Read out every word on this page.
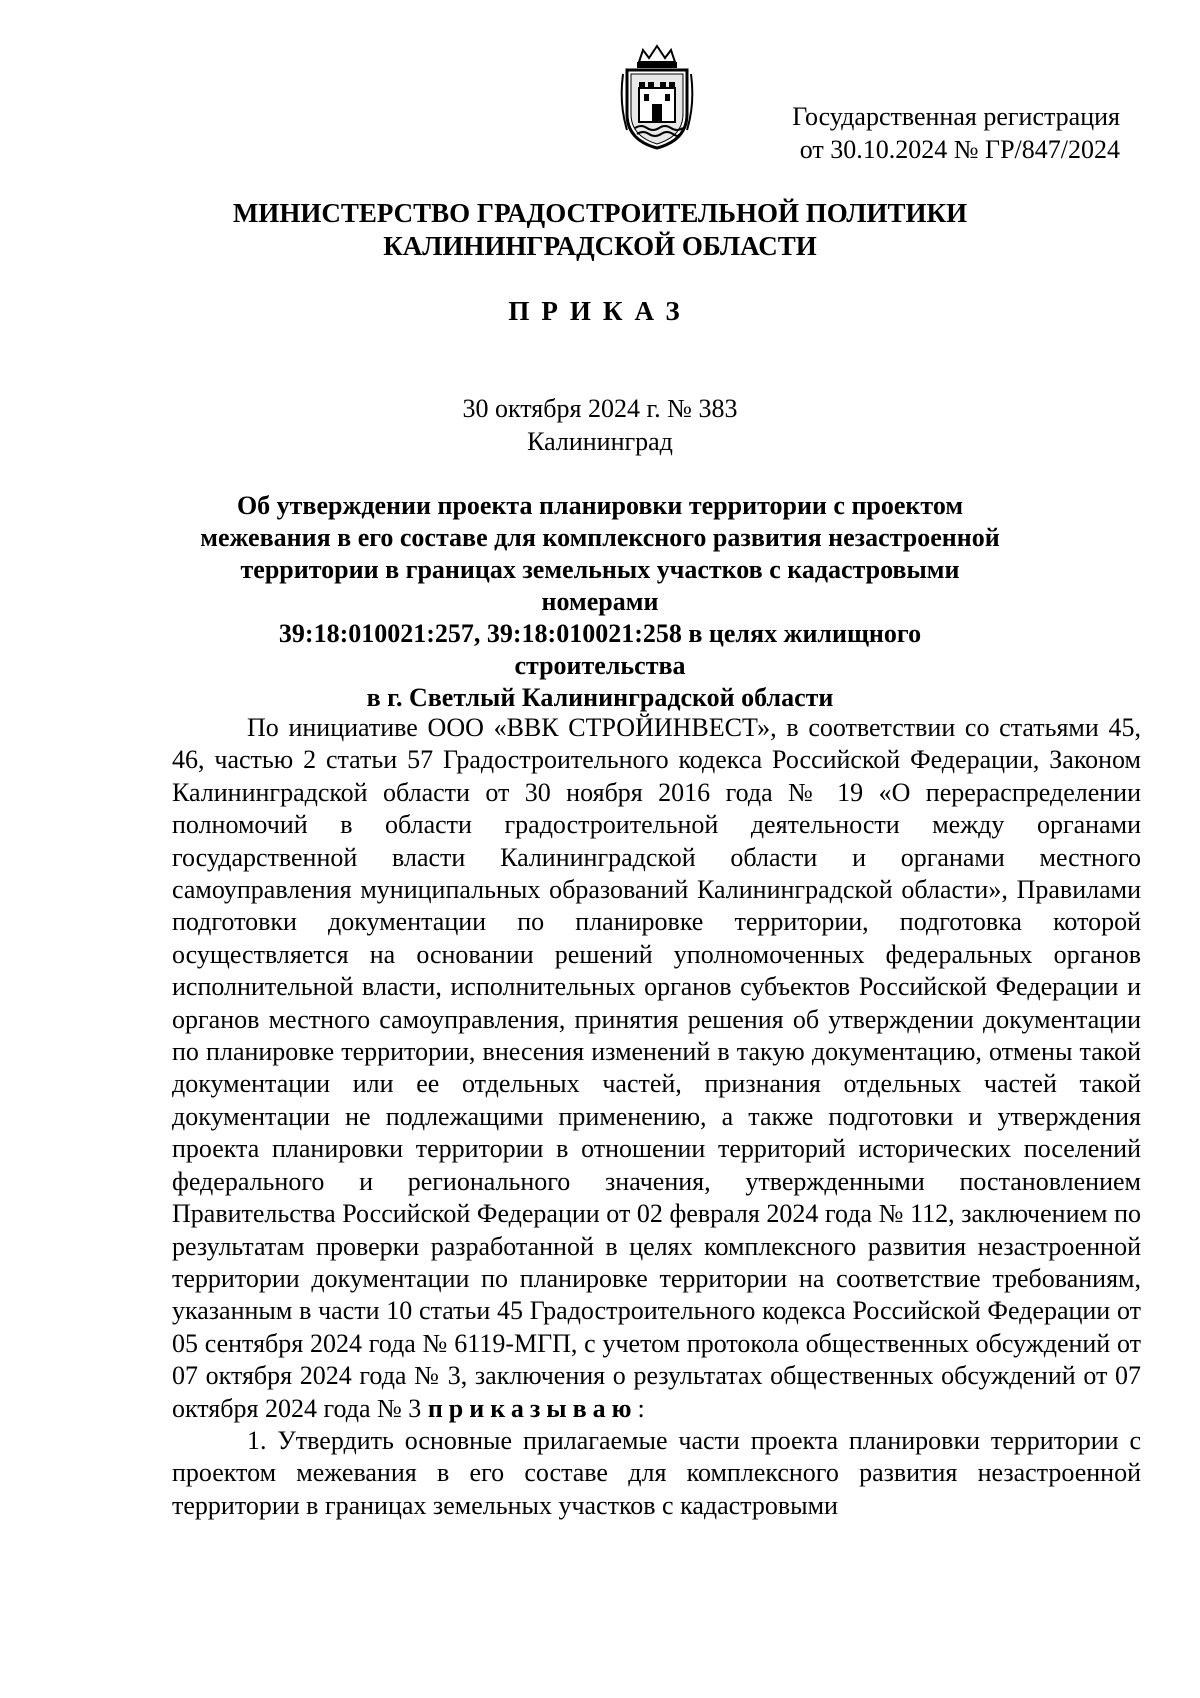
Государственная регистрация
от 30.10.2024 № ГР/847/2024
МИНИСТЕРСТВО ГРАДОСТРОИТЕЛЬНОЙ ПОЛИТИКИ
КАЛИНИНГРАДСКОЙ ОБЛАСТИ
ПРИКАЗ
30 октября 2024 г. № 383
Калининград
Об утверждении проекта планировки территории с проектом
межевания в его составе для комплексного развития незастроенной
территории в границах земельных участков с кадастровыми номерами
39:18:010021:257, 39:18:010021:258 в целях жилищного строительства
в г. Светлый Калининградской области

По инициативе ООО «ВВК СТРОЙИНВЕСТ», в соответствии со статьями 45, 46, частью 2 статьи 57 Градостроительного кодекса Российской Федерации, Законом Калининградской области от 30 ноября 2016 года № 19 «О перераспределении полномочий в области градостроительной деятельности между органами государственной власти Калининградской области и органами местного самоуправления муниципальных образований Калининградской области», Правилами подготовки документации по планировке территории, подготовка которой осуществляется на основании решений уполномоченных федеральных органов исполнительной власти, исполнительных органов субъектов Российской Федерации и органов местного самоуправления, принятия решения об утверждении документации по планировке территории, внесения изменений в такую документацию, отмены такой документации или ее отдельных частей, признания отдельных частей такой документации не подлежащими применению, а также подготовки и утверждения проекта планировки территории в отношении территорий исторических поселений федерального и регионального значения, утвержденными постановлением Правительства Российской Федерации от 02 февраля 2024 года № 112, заключением по результатам проверки разработанной в целях комплексного развития незастроенной территории документации по планировке территории на соответствие требованиям, указанным в части 10 статьи 45 Градостроительного кодекса Российской Федерации от 05 сентября 2024 года № 6119-МГП, с учетом протокола общественных обсуждений от 07 октября 2024 года № 3, заключения о результатах общественных обсуждений от 07 октября 2024 года № 3 приказываю:

1. Утвердить основные прилагаемые части проекта планировки территории с проектом межевания в его составе для комплексного развития незастроенной территории в границах земельных участков с кадастровыми
